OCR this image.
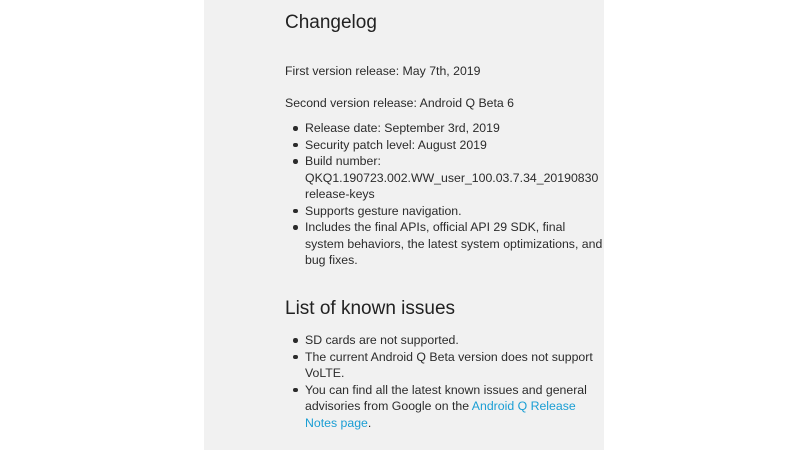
Changelog
First version release: May 7th, 2019
Second version release: Android Q Beta 6
Release date: September 3rd, 2019
Security patch level: August 2019
Build number:
QKQ1.190723.002.WW_user_100.03.7.34_20190830
release-keys
Supports gesture navigation.
Includes the final APIs, official API 29 SDK, final system behaviors, the latest system optimizations, and bug fixes.
List of known issues
SD cards are not supported.
The current Android Q Beta version does not support VoLTE.
You can find all the latest known issues and general advisories from Google on the Android Q Release Notes page.
